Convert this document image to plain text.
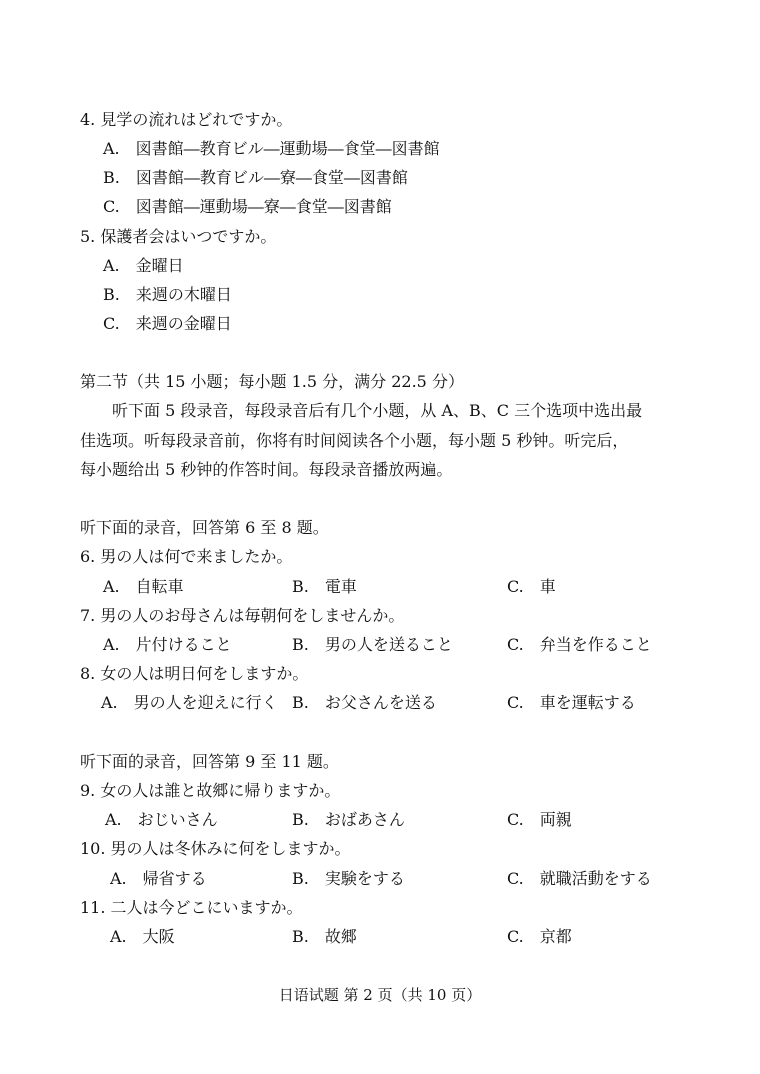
4. 見学の流れはどれですか。
A.　図書館―教育ビル―運動場―食堂―図書館
B.　図書館―教育ビル―寮―食堂―図書館
C.　図書館―運動場―寮―食堂―図書館
5. 保護者会はいつですか。
A.　金曜日
B.　来週の木曜日
C.　来週の金曜日
第二节（共 15 小题；每小题 1.5 分，满分 22.5 分）
　　听下面 5 段录音，每段录音后有几个小题，从 A、B、C 三个选项中选出最
佳选项。听每段录音前，你将有时间阅读各个小题，每小题 5 秒钟。听完后，
每小题给出 5 秒钟的作答时间。每段录音播放两遍。
听下面的录音，回答第 6 至 8 题。
6. 男の人は何で来ましたか。
A.　自転車	B.　電車	C.　車
7. 男の人のお母さんは毎朝何をしませんか。
A.　片付けること	B.　男の人を送ること	C.　弁当を作ること
8. 女の人は明日何をしますか。
A.　男の人を迎えに行く B.　お父さんを送る	C.　車を運転する
听下面的录音，回答第 9 至 11 题。
9. 女の人は誰と故郷に帰りますか。
A.　おじいさん	B.　おばあさん	C.　両親
10. 男の人は冬休みに何をしますか。
A.　帰省する	B.　実験をする	C.　就職活動をする
11. 二人は今どこにいますか。
A.　大阪	B.　故郷	C.　京都
日语试题 第 2 页（共 10 页）
